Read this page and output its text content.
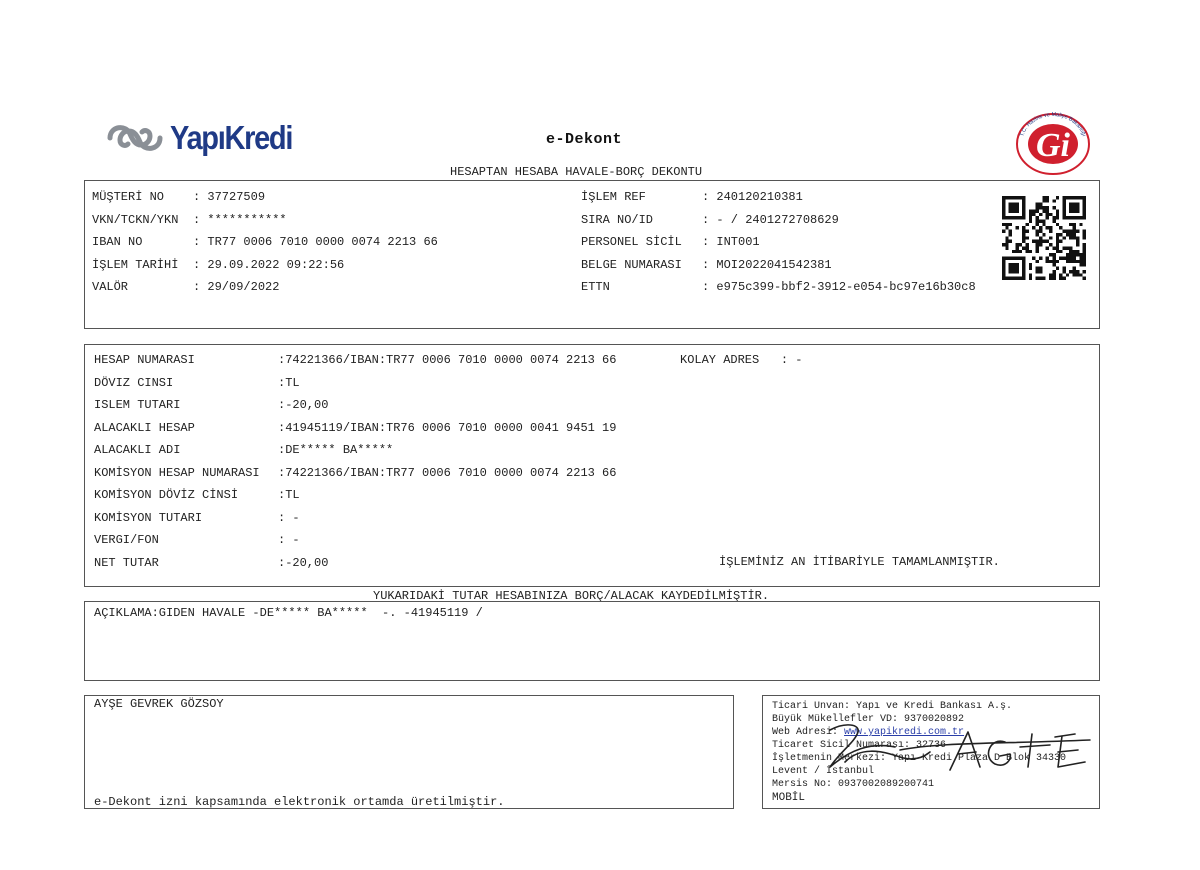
YapıKredi	e-Dekont
HESAPTAN HESABA HAVALE-BORÇ DEKONTU
T.C. Hazine ve Maliye Bakanlığı
Gi
MÜŞTERİ NO : 37727509
VKN/TCKN/YKN : ***********
IBAN NO	: TR77 0006 7010 0000 0074 2213 66
İŞLEM TARİHİ : 29.09.2022 09:22:56
VALÖR	: 29/09/2022
İŞLEM REF	: 240120210381
SIRA NO/ID	: - / 2401272708629
PERSONEL SİCİL : INT001
BELGE NUMARASI : MOI2022041542381
ETTN	: e975c399-bbf2-3912-e054-bc97e16b30c8
HESAP NUMARASI	:74221366/IBAN:TR77 0006 7010 0000 0074 2213 66
DÖVIZ CINSI	:TL
ISLEM TUTARI	:-20,00
ALACAKLI HESAP	:41945119/IBAN:TR76 0006 7010 0000 0041 9451 19
ALACAKLI ADI	:DE***** BA*****
KOMİSYON HESAP NUMARASI :74221366/IBAN:TR77 0006 7010 0000 0074 2213 66
KOMİSYON DÖVİZ CİNSİ	:TL
KOMİSYON TUTARI	: -
VERGI/FON	: -
NET TUTAR	:-20,00
KOLAY ADRES   : -
İŞLEMİNİZ AN İTİBARİYLE TAMAMLANMIŞTIR.
YUKARIDAKİ TUTAR HESABINIZA BORÇ/ALACAK KAYDEDİLMİŞTİR.
AÇIKLAMA:GIDEN HAVALE -DE***** BA*****  -. -41945119 /
AYŞE GEVREK GÖZSOY
e-Dekont izni kapsamında elektronik ortamda üretilmiştir.
Ticari Unvan: Yapı ve Kredi Bankası A.ş.
Büyük Mükellefler VD: 9370020892
Web Adresi: www.yapikredi.com.tr
Ticaret Sicil Numarası: 32736
İşletmenin Merkezi: Yapı Kredi Plaza D Blok 34330
Levent / İstanbul
Mersis No: 0937002089200741
MOBİL
